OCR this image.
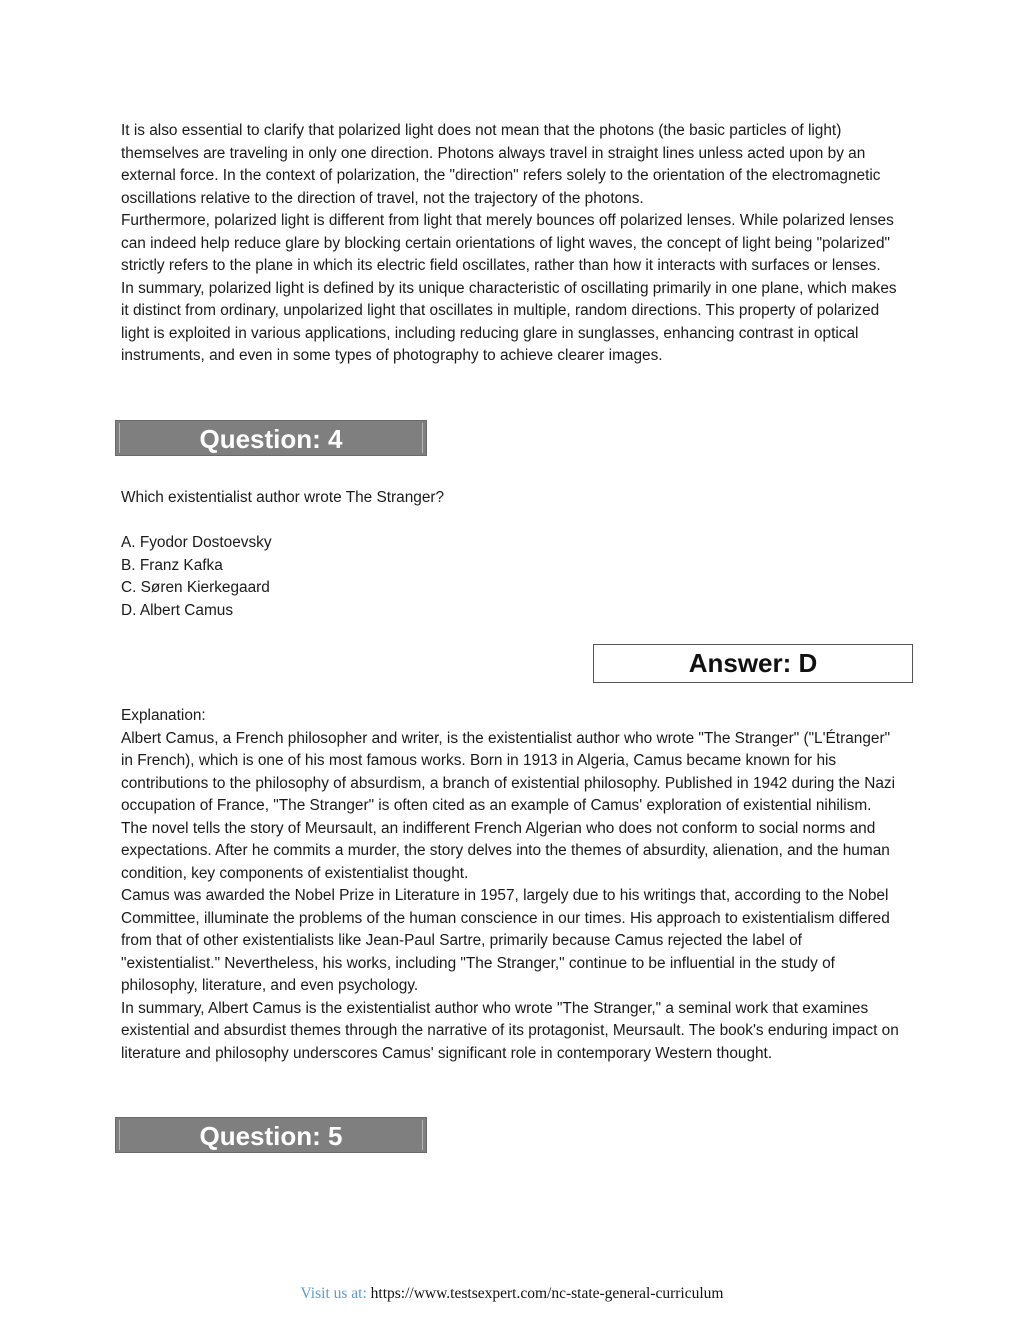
It is also essential to clarify that polarized light does not mean that the photons (the basic particles of light) themselves are traveling in only one direction. Photons always travel in straight lines unless acted upon by an external force. In the context of polarization, the "direction" refers solely to the orientation of the electromagnetic oscillations relative to the direction of travel, not the trajectory of the photons.

Furthermore, polarized light is different from light that merely bounces off polarized lenses. While polarized lenses can indeed help reduce glare by blocking certain orientations of light waves, the concept of light being "polarized" strictly refers to the plane in which its electric field oscillates, rather than how it interacts with surfaces or lenses.

In summary, polarized light is defined by its unique characteristic of oscillating primarily in one plane, which makes it distinct from ordinary, unpolarized light that oscillates in multiple, random directions. This property of polarized light is exploited in various applications, including reducing glare in sunglasses, enhancing contrast in optical instruments, and even in some types of photography to achieve clearer images.

Question: 4
Which existentialist author wrote The Stranger?
A. Fyodor Dostoevsky
B. Franz Kafka
C. Søren Kierkegaard
D. Albert Camus
Answer: D

Explanation:

Albert Camus, a French philosopher and writer, is the existentialist author who wrote "The Stranger" ("L'Étranger" in French), which is one of his most famous works. Born in 1913 in Algeria, Camus became known for his contributions to the philosophy of absurdism, a branch of existential philosophy. Published in 1942 during the Nazi occupation of France, "The Stranger" is often cited as an example of Camus' exploration of existential nihilism. The novel tells the story of Meursault, an indifferent French Algerian who does not conform to social norms and expectations. After he commits a murder, the story delves into the themes of absurdity, alienation, and the human condition, key components of existentialist thought.

Camus was awarded the Nobel Prize in Literature in 1957, largely due to his writings that, according to the Nobel Committee, illuminate the problems of the human conscience in our times. His approach to existentialism differed from that of other existentialists like Jean-Paul Sartre, primarily because Camus rejected the label of "existentialist." Nevertheless, his works, including "The Stranger," continue to be influential in the study of philosophy, literature, and even psychology.

In summary, Albert Camus is the existentialist author who wrote "The Stranger," a seminal work that examines existential and absurdist themes through the narrative of its protagonist, Meursault. The book's enduring impact on literature and philosophy underscores Camus' significant role in contemporary Western thought.

Question: 5
Visit us at: https://www.testsexpert.com/nc-state-general-curriculum
